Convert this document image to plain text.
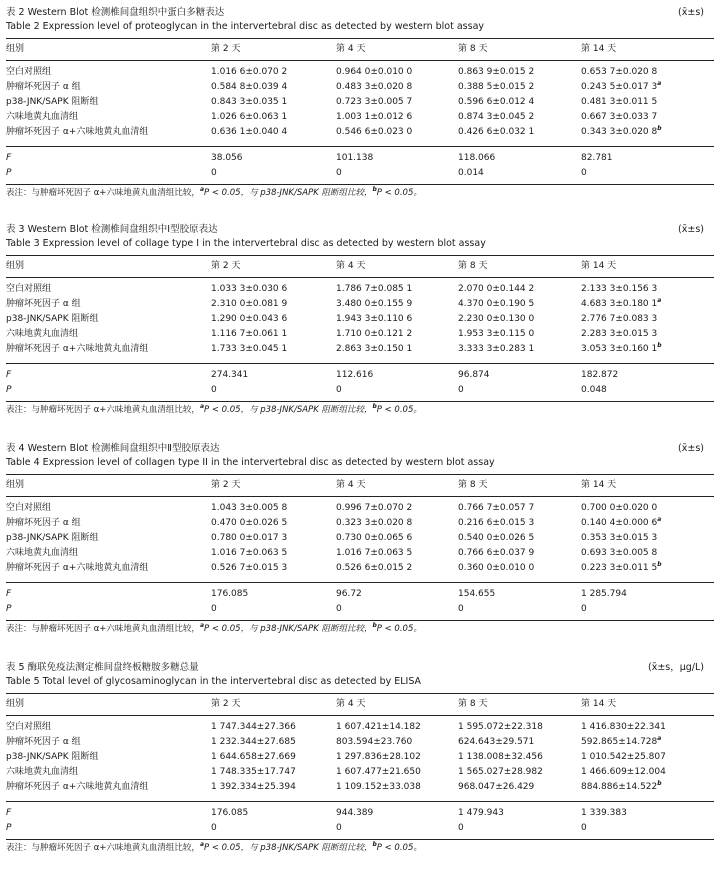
表 2 Western Blot 检测椎间盘组织中蛋白多糖表达	(x̄±s)
Table 2 Expression level of proteoglycan in the intervertebral disc as detected by western blot assay
组别	第 2 天	第 4 天	第 8 天	第 14 天
空白对照组	1.016 6±0.070 2	0.964 0±0.010 0	0.863 9±0.015 2	0.653 7±0.020 8
肿瘤坏死因子 α 组	0.584 8±0.039 4	0.483 3±0.020 8	0.388 5±0.015 2	0.243 5±0.017 3$^a$
p38-JNK/SAPK 阻断组	0.843 3±0.035 1	0.723 3±0.005 7	0.596 6±0.012 4	0.481 3±0.011 5
六味地黄丸血清组	1.026 6±0.063 1	1.003 1±0.012 6	0.874 3±0.045 2	0.667 3±0.033 7
肿瘤坏死因子 α+六味地黄丸血清组	0.636 1±0.040 4	0.546 6±0.023 0	0.426 6±0.032 1	0.343 3±0.020 8$^b$
F	38.056	101.138	118.066	82.781
P	0	0	0.014	0
表注：与肿瘤坏死因子 α+六味地黄丸血清组比较，$^a$P < 0.05，与 p38-JNK/SAPK 阻断组比较，$^b$P < 0.05。
表 3 Western Blot 检测椎间盘组织中Ⅰ型胶原表达	(x̄±s)
Table 3 Expression level of collage type I in the intervertebral disc as detected by western blot assay
组别	第 2 天	第 4 天	第 8 天	第 14 天
空白对照组	1.033 3±0.030 6	1.786 7±0.085 1	2.070 0±0.144 2	2.133 3±0.156 3
肿瘤坏死因子 α 组	2.310 0±0.081 9	3.480 0±0.155 9	4.370 0±0.190 5	4.683 3±0.180 1$^a$
p38-JNK/SAPK 阻断组	1.290 0±0.043 6	1.943 3±0.110 6	2.230 0±0.130 0	2.776 7±0.083 3
六味地黄丸血清组	1.116 7±0.061 1	1.710 0±0.121 2	1.953 3±0.115 0	2.283 3±0.015 3
肿瘤坏死因子 α+六味地黄丸血清组	1.733 3±0.045 1	2.863 3±0.150 1	3.333 3±0.283 1	3.053 3±0.160 1$^b$
F	274.341	112.616	96.874	182.872
P	0	0	0	0.048
表注：与肿瘤坏死因子 α+六味地黄丸血清组比较，$^a$P < 0.05，与 p38-JNK/SAPK 阻断组比较，$^b$P < 0.05。
表 4 Western Blot 检测椎间盘组织中Ⅱ型胶原表达	(x̄±s)
Table 4 Expression level of collagen type II in the intervertebral disc as detected by western blot assay
组别	第 2 天	第 4 天	第 8 天	第 14 天
空白对照组	1.043 3±0.005 8	0.996 7±0.070 2	0.766 7±0.057 7	0.700 0±0.020 0
肿瘤坏死因子 α 组	0.470 0±0.026 5	0.323 3±0.020 8	0.216 6±0.015 3	0.140 4±0.000 6$^a$
p38-JNK/SAPK 阻断组	0.780 0±0.017 3	0.730 0±0.065 6	0.540 0±0.026 5	0.353 3±0.015 3
六味地黄丸血清组	1.016 7±0.063 5	1.016 7±0.063 5	0.766 6±0.037 9	0.693 3±0.005 8
肿瘤坏死因子 α+六味地黄丸血清组	0.526 7±0.015 3	0.526 6±0.015 2	0.360 0±0.010 0	0.223 3±0.011 5$^b$
F	176.085	96.72	154.655	1 285.794
P	0	0	0	0
表注：与肿瘤坏死因子 α+六味地黄丸血清组比较，$^a$P < 0.05，与 p38-JNK/SAPK 阻断组比较，$^b$P < 0.05。
表 5 酶联免疫法测定椎间盘终板糖胺多糖总量	(x̄±s，μg/L)
Table 5 Total level of glycosaminoglycan in the intervertebral disc as detected by ELISA
组别	第 2 天	第 4 天	第 8 天	第 14 天
空白对照组	1 747.344±27.366	1 607.421±14.182	1 595.072±22.318	1 416.830±22.341
肿瘤坏死因子 α 组	1 232.344±27.685	803.594±23.760	624.643±29.571	592.865±14.728$^a$
p38-JNK/SAPK 阻断组	1 644.658±27.669	1 297.836±28.102	1 138.008±32.456	1 010.542±25.807
六味地黄丸血清组	1 748.335±17.747	1 607.477±21.650	1 565.027±28.982	1 466.609±12.004
肿瘤坏死因子 α+六味地黄丸血清组	1 392.334±25.394	1 109.152±33.038	968.047±26.429	884.886±14.522$^b$
F	176.085	944.389	1 479.943	1 339.383
P	0	0	0	0
表注：与肿瘤坏死因子 α+六味地黄丸血清组比较，$^a$P < 0.05，与 p38-JNK/SAPK 阻断组比较，$^b$P < 0.05。
